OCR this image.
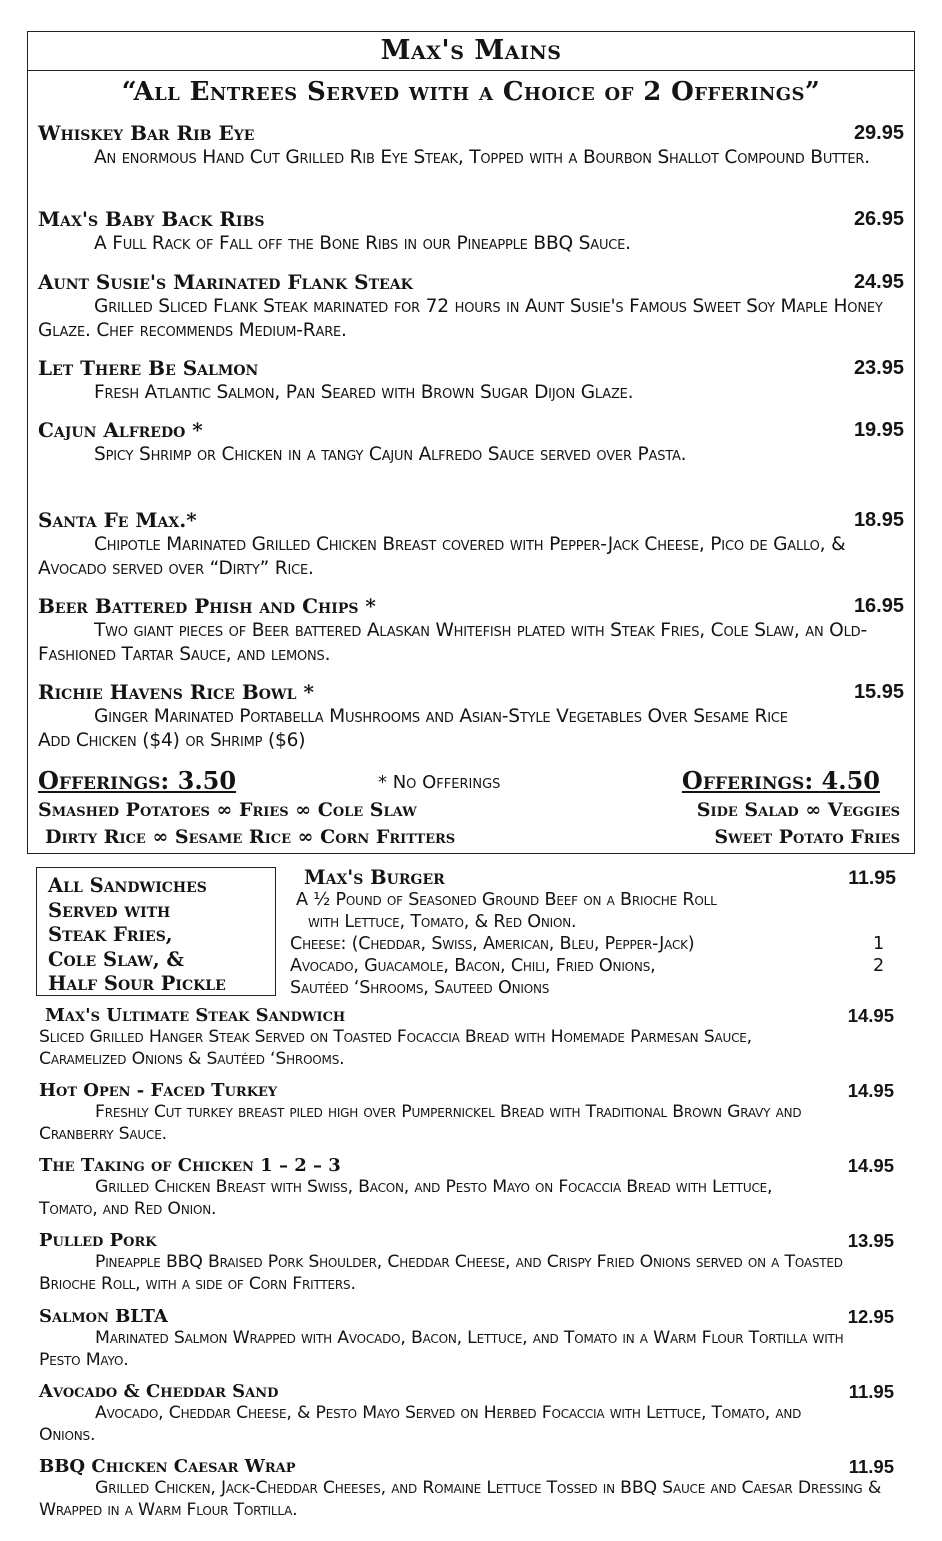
Max's Mains
“All Entrees Served with a Choice of 2 Offerings”
Whiskey Bar Rib Eye	29.95
An enormous Hand Cut Grilled Rib Eye Steak, Topped with a Bourbon Shallot Compound Butter.
Max's Baby Back Ribs	26.95
A Full Rack of Fall off the Bone Ribs in our Pineapple BBQ Sauce.
Aunt Susie's Marinated Flank Steak	24.95
Grilled Sliced Flank Steak marinated for 72 hours in Aunt Susie's Famous Sweet Soy Maple Honey Glaze. Chef recommends Medium-Rare.
Let There Be Salmon	23.95
Fresh Atlantic Salmon, Pan Seared with Brown Sugar Dijon Glaze.
Cajun Alfredo *	19.95
Spicy Shrimp or Chicken in a tangy Cajun Alfredo Sauce served over Pasta.
Santa Fe Max.*	18.95
Chipotle Marinated Grilled Chicken Breast covered with Pepper-Jack Cheese, Pico de Gallo, & Avocado served over “Dirty” Rice.
Beer Battered Phish and Chips *	16.95
Two giant pieces of Beer battered Alaskan Whitefish plated with Steak Fries, Cole Slaw, an Old-Fashioned Tartar Sauce, and lemons.
Richie Havens Rice Bowl *	15.95
Ginger Marinated Portabella Mushrooms and Asian-Style Vegetables Over Sesame Rice Add Chicken ($4) or Shrimp ($6)
Offerings: 3.50	* No Offerings	Offerings: 4.50
Smashed Potatoes ∞ Fries ∞ Cole Slaw
Dirty Rice ∞ Sesame Rice ∞ Corn Fritters
Side Salad ∞ Veggies
Sweet Potato Fries
All Sandwiches
Served with
Steak Fries,
Cole Slaw, &
Half Sour Pickle
Max's Burger	11.95
A ½ Pound of Seasoned Ground Beef on a Brioche Roll
with Lettuce, Tomato, & Red Onion.
Cheese: (Cheddar, Swiss, American, Bleu, Pepper-Jack)	1
Avocado, Guacamole, Bacon, Chili, Fried Onions,	2
Sautéed ‘Shrooms, Sauteed Onions
Max's Ultimate Steak Sandwich	14.95
Sliced Grilled Hanger Steak Served on Toasted Focaccia Bread with Homemade Parmesan Sauce, Caramelized Onions & Sautéed ‘Shrooms.
Hot Open - Faced Turkey	14.95
Freshly Cut turkey breast piled high over Pumpernickel Bread with Traditional Brown Gravy and Cranberry Sauce.
The Taking of Chicken 1 – 2 – 3	14.95
Grilled Chicken Breast with Swiss, Bacon, and Pesto Mayo on Focaccia Bread with Lettuce, Tomato, and Red Onion.
Pulled Pork	13.95
Pineapple BBQ Braised Pork Shoulder, Cheddar Cheese, and Crispy Fried Onions served on a Toasted Brioche Roll, with a side of Corn Fritters.
Salmon BLTA	12.95
Marinated Salmon Wrapped with Avocado, Bacon, Lettuce, and Tomato in a Warm Flour Tortilla with Pesto Mayo.
Avocado & Cheddar Sand	11.95
Avocado, Cheddar Cheese, & Pesto Mayo Served on Herbed Focaccia with Lettuce, Tomato, and Onions.
BBQ Chicken Caesar Wrap	11.95
Grilled Chicken, Jack-Cheddar Cheeses, and Romaine Lettuce Tossed in BBQ Sauce and Caesar Dressing & Wrapped in a Warm Flour Tortilla.
